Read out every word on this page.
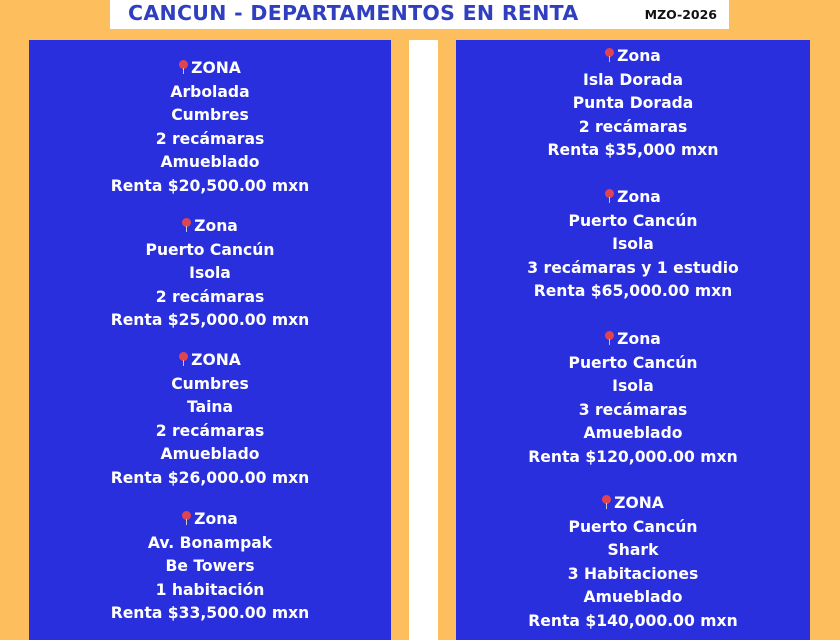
CANCUN - DEPARTAMENTOS EN RENTA	MZO-2026
ZONA
Arbolada
Cumbres
2 recámaras
Amueblado
Renta $20,500.00 mxn
Zona
Puerto Cancún
Isola
2 recámaras
Renta $25,000.00 mxn
ZONA
Cumbres
Taina
2 recámaras
Amueblado
Renta $26,000.00 mxn
Zona
Av. Bonampak
Be Towers
1 habitación
Renta $33,500.00 mxn
Zona
Isla Dorada
Punta Dorada
2 recámaras
Renta $35,000 mxn
Zona
Puerto Cancún
Isola
3 recámaras y 1 estudio
Renta $65,000.00 mxn
Zona
Puerto Cancún
Isola
3 recámaras
Amueblado
Renta $120,000.00 mxn
ZONA
Puerto Cancún
Shark
3 Habitaciones
Amueblado
Renta $140,000.00 mxn
